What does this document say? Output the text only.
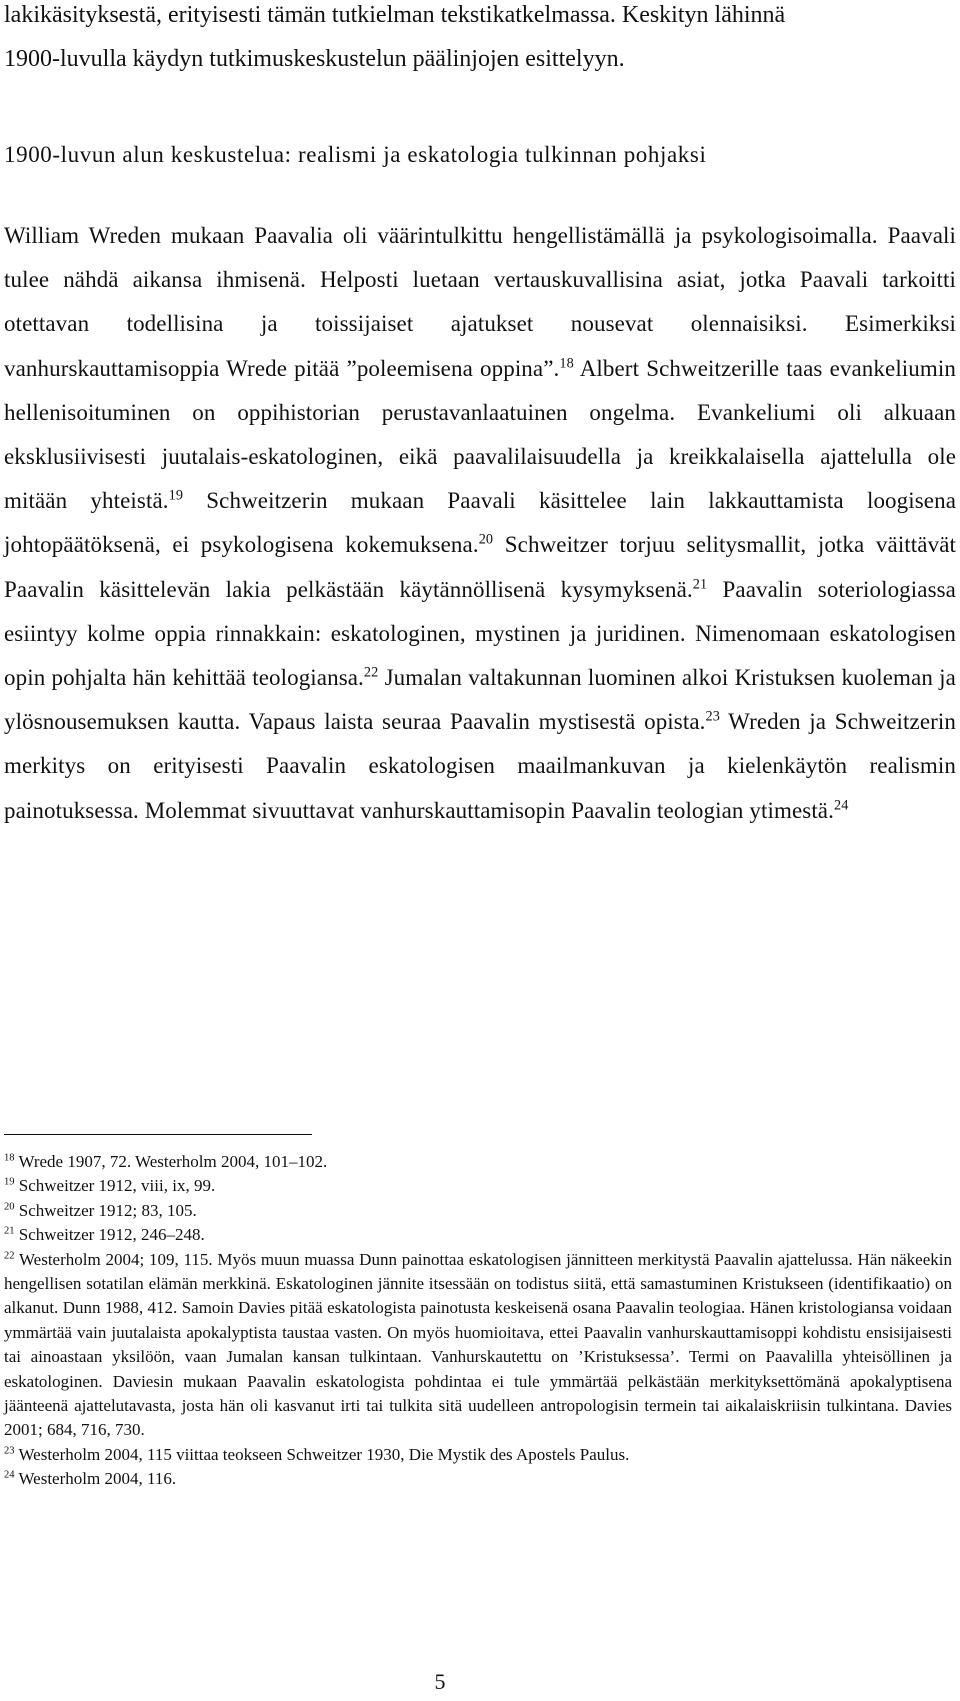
lakikäsityksestä, erityisesti tämän tutkielman tekstikatkelmassa. Keskityn lähinnä
1900-luvulla käydyn tutkimuskeskustelun päälinjojen esittelyyn.
1900-luvun alun keskustelua: realismi ja eskatologia tulkinnan pohjaksi

William Wreden mukaan Paavalia oli väärintulkittu hengellistämällä ja psykologisoimalla. Paavali tulee nähdä aikansa ihmisenä. Helposti luetaan vertauskuvallisina asiat, jotka Paavali tarkoitti otettavan todellisina ja toissijaiset ajatukset nousevat olennaisiksi. Esimerkiksi vanhurskauttamisoppia Wrede pitää ”poleemisena oppina”.$^{18}$ Albert Schweitzerille taas evankeliumin hellenisoituminen on oppihistorian perustavanlaatuinen ongelma. Evankeliumi oli alkuaan eksklusiivisesti juutalais-eskatologinen, eikä paavalilaisuudella ja kreikkalaisella ajattelulla ole mitään yhteistä.$^{19}$ Schweitzerin mukaan Paavali käsittelee lain lakkauttamista loogisena johtopäätöksenä, ei psykologisena kokemuksena.$^{20}$ Schweitzer torjuu selitysmallit, jotka väittävät Paavalin käsittelevän lakia pelkästään käytännöllisenä kysymyksenä.$^{21}$ Paavalin soteriologiassa esiintyy kolme oppia rinnakkain: eskatologinen, mystinen ja juridinen. Nimenomaan eskatologisen opin pohjalta hän kehittää teologiansa.$^{22}$ Jumalan valtakunnan luominen alkoi Kristuksen kuoleman ja ylösnousemuksen kautta. Vapaus laista seuraa Paavalin mystisestä opista.$^{23}$ Wreden ja Schweitzerin merkitys on erityisesti Paavalin eskatologisen maailmankuvan ja kielenkäytön realismin painotuksessa. Molemmat sivuuttavat vanhurskauttamisopin Paavalin teologian ytimestä.$^{24}$

$^{18}$ Wrede 1907, 72. Westerholm 2004, 101–102.

$^{19}$ Schweitzer 1912, viii, ix, 99.

$^{20}$ Schweitzer 1912; 83, 105.

$^{21}$ Schweitzer 1912, 246–248.

$^{22}$ Westerholm 2004; 109, 115. Myös muun muassa Dunn painottaa eskatologisen jännitteen merkitystä Paavalin ajattelussa. Hän näkeekin hengellisen sotatilan elämän merkkinä. Eskatologinen jännite itsessään on todistus siitä, että samastuminen Kristukseen (identifikaatio) on alkanut. Dunn 1988, 412. Samoin Davies pitää eskatologista painotusta keskeisenä osana Paavalin teologiaa. Hänen kristologiansa voidaan ymmärtää vain juutalaista apokalyptista taustaa vasten. On myös huomioitava, ettei Paavalin vanhurskauttamisoppi kohdistu ensisijaisesti tai ainoastaan yksilöön, vaan Jumalan kansan tulkintaan. Vanhurskautettu on ’Kristuksessa’. Termi on Paavalilla yhteisöllinen ja eskatologinen. Daviesin mukaan Paavalin eskatologista pohdintaa ei tule ymmärtää pelkästään merkityksettömänä apokalyptisena jäänteenä ajattelutavasta, josta hän oli kasvanut irti tai tulkita sitä uudelleen antropologisin termein tai aikalaiskriisin tulkintana. Davies 2001; 684, 716, 730.

$^{23}$ Westerholm 2004, 115 viittaa teokseen Schweitzer 1930, Die Mystik des Apostels Paulus.

$^{24}$ Westerholm 2004, 116.

5
